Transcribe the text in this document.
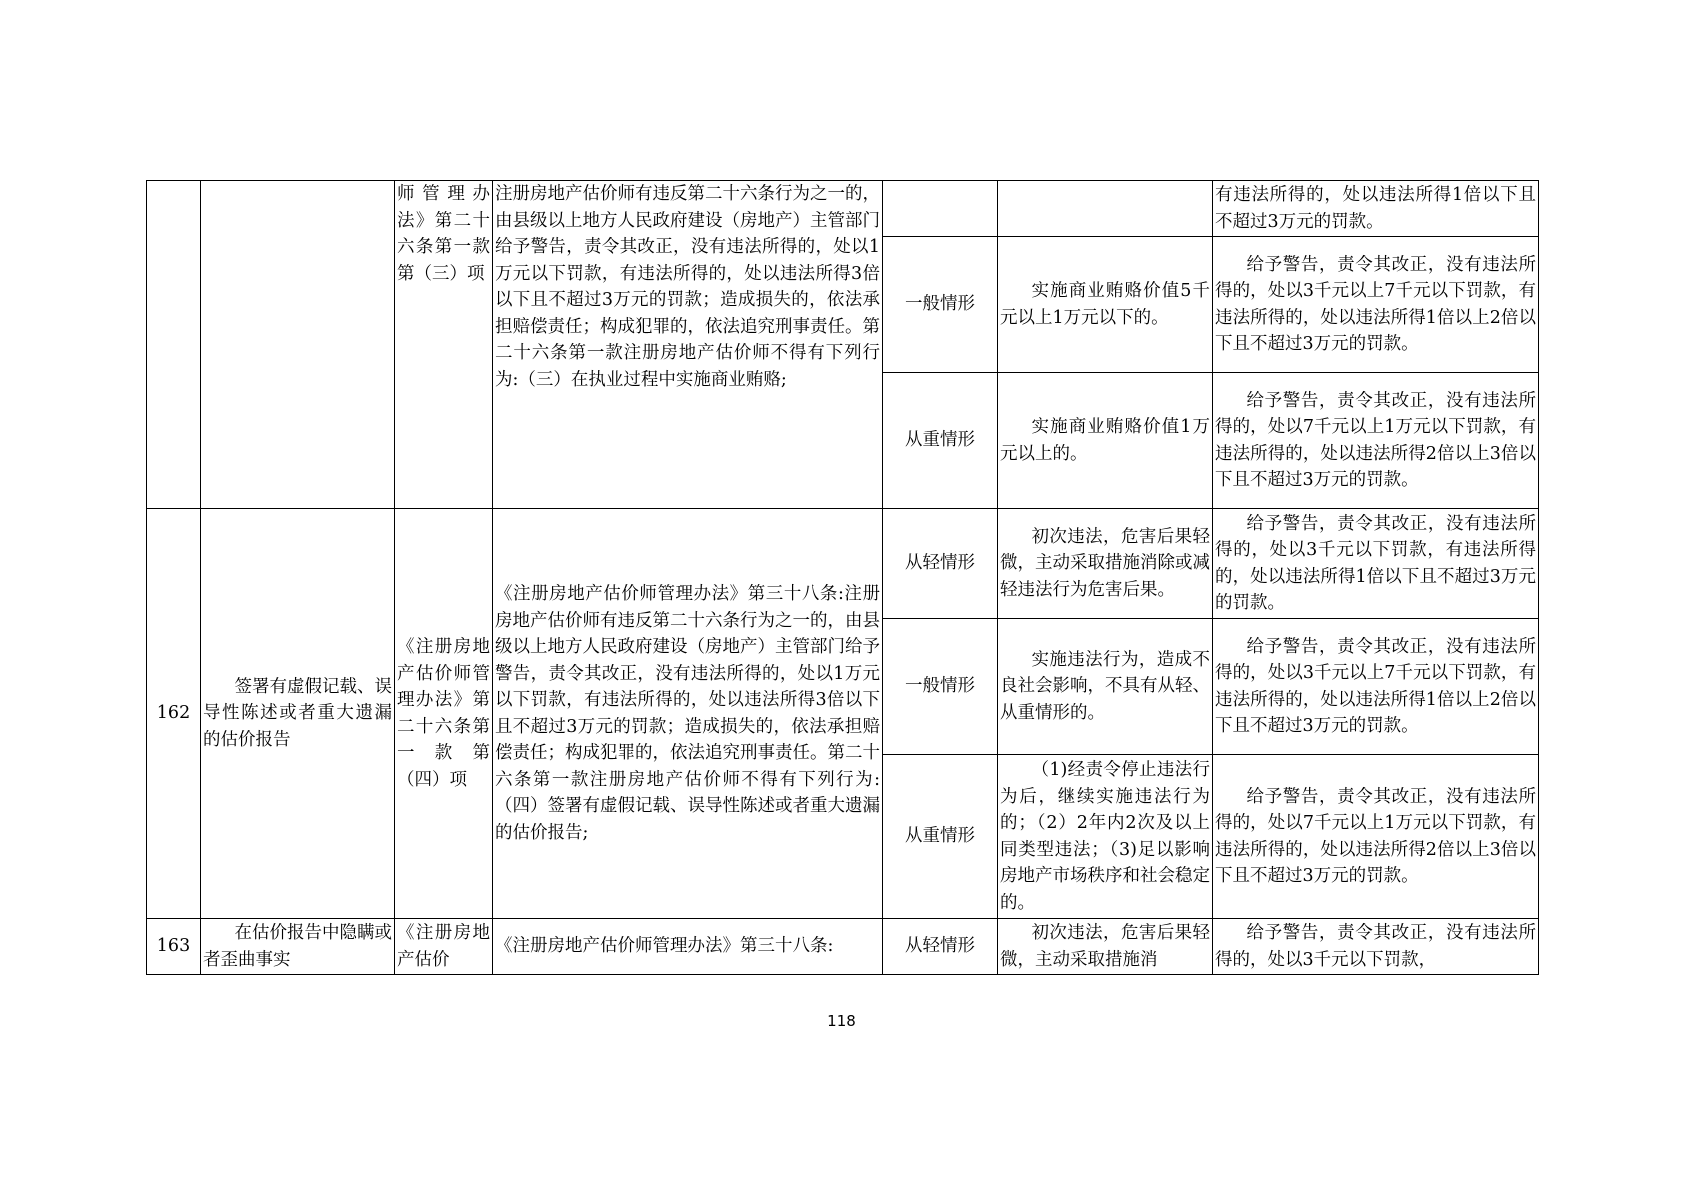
		师管理办法》第二十六条第一款第（三）项	注册房地产估价师有违反第二十六条行为之一的，由县级以上地方人民政府建设（房地产）主管部门给予警告，责令其改正，没有违法所得的，处以1万元以下罚款，有违法所得的，处以违法所得3倍以下且不超过3万元的罚款；造成损失的，依法承担赔偿责任；构成犯罪的，依法追究刑事责任。第二十六条第一款注册房地产估价师不得有下列行为:（三）在执业过程中实施商业贿赂;			有违法所得的，处以违法所得1倍以下且不超过3万元的罚款。
				一般情形	实施商业贿赂价值5千元以上1万元以下的。	给予警告，责令其改正，没有违法所得的，处以3千元以上7千元以下罚款，有违法所得的，处以违法所得1倍以上2倍以下且不超过3万元的罚款。
				从重情形	实施商业贿赂价值1万元以上的。	给予警告，责令其改正，没有违法所得的，处以7千元以上1万元以下罚款，有违法所得的，处以违法所得2倍以上3倍以下且不超过3万元的罚款。
162	签署有虚假记载、误导性陈述或者重大遗漏的估价报告	《注册房地产估价师管理办法》第二十六条第一款第（四）项	《注册房地产估价师管理办法》第三十八条:注册房地产估价师有违反第二十六条行为之一的，由县级以上地方人民政府建设（房地产）主管部门给予警告，责令其改正，没有违法所得的，处以1万元以下罚款，有违法所得的，处以违法所得3倍以下且不超过3万元的罚款；造成损失的，依法承担赔偿责任；构成犯罪的，依法追究刑事责任。第二十六条第一款注册房地产估价师不得有下列行为:（四）签署有虚假记载、误导性陈述或者重大遗漏的估价报告;	从轻情形	初次违法，危害后果轻微，主动采取措施消除或减轻违法行为危害后果。	给予警告，责令其改正，没有违法所得的，处以3千元以下罚款，有违法所得的，处以违法所得1倍以下且不超过3万元的罚款。
				一般情形	实施违法行为，造成不良社会影响，不具有从轻、从重情形的。	给予警告，责令其改正，没有违法所得的，处以3千元以上7千元以下罚款，有违法所得的，处以违法所得1倍以上2倍以下且不超过3万元的罚款。
				从重情形	（1)经责令停止违法行为后，继续实施违法行为的；（2）2年内2次及以上同类型违法；（3)足以影响房地产市场秩序和社会稳定的。	给予警告，责令其改正，没有违法所得的，处以7千元以上1万元以下罚款，有违法所得的，处以违法所得2倍以上3倍以下且不超过3万元的罚款。
163	在估价报告中隐瞒或者歪曲事实	《注册房地产估价	《注册房地产估价师管理办法》第三十八条:	从轻情形	初次违法，危害后果轻微，主动采取措施消	给予警告，责令其改正，没有违法所得的，处以3千元以下罚款，
118
